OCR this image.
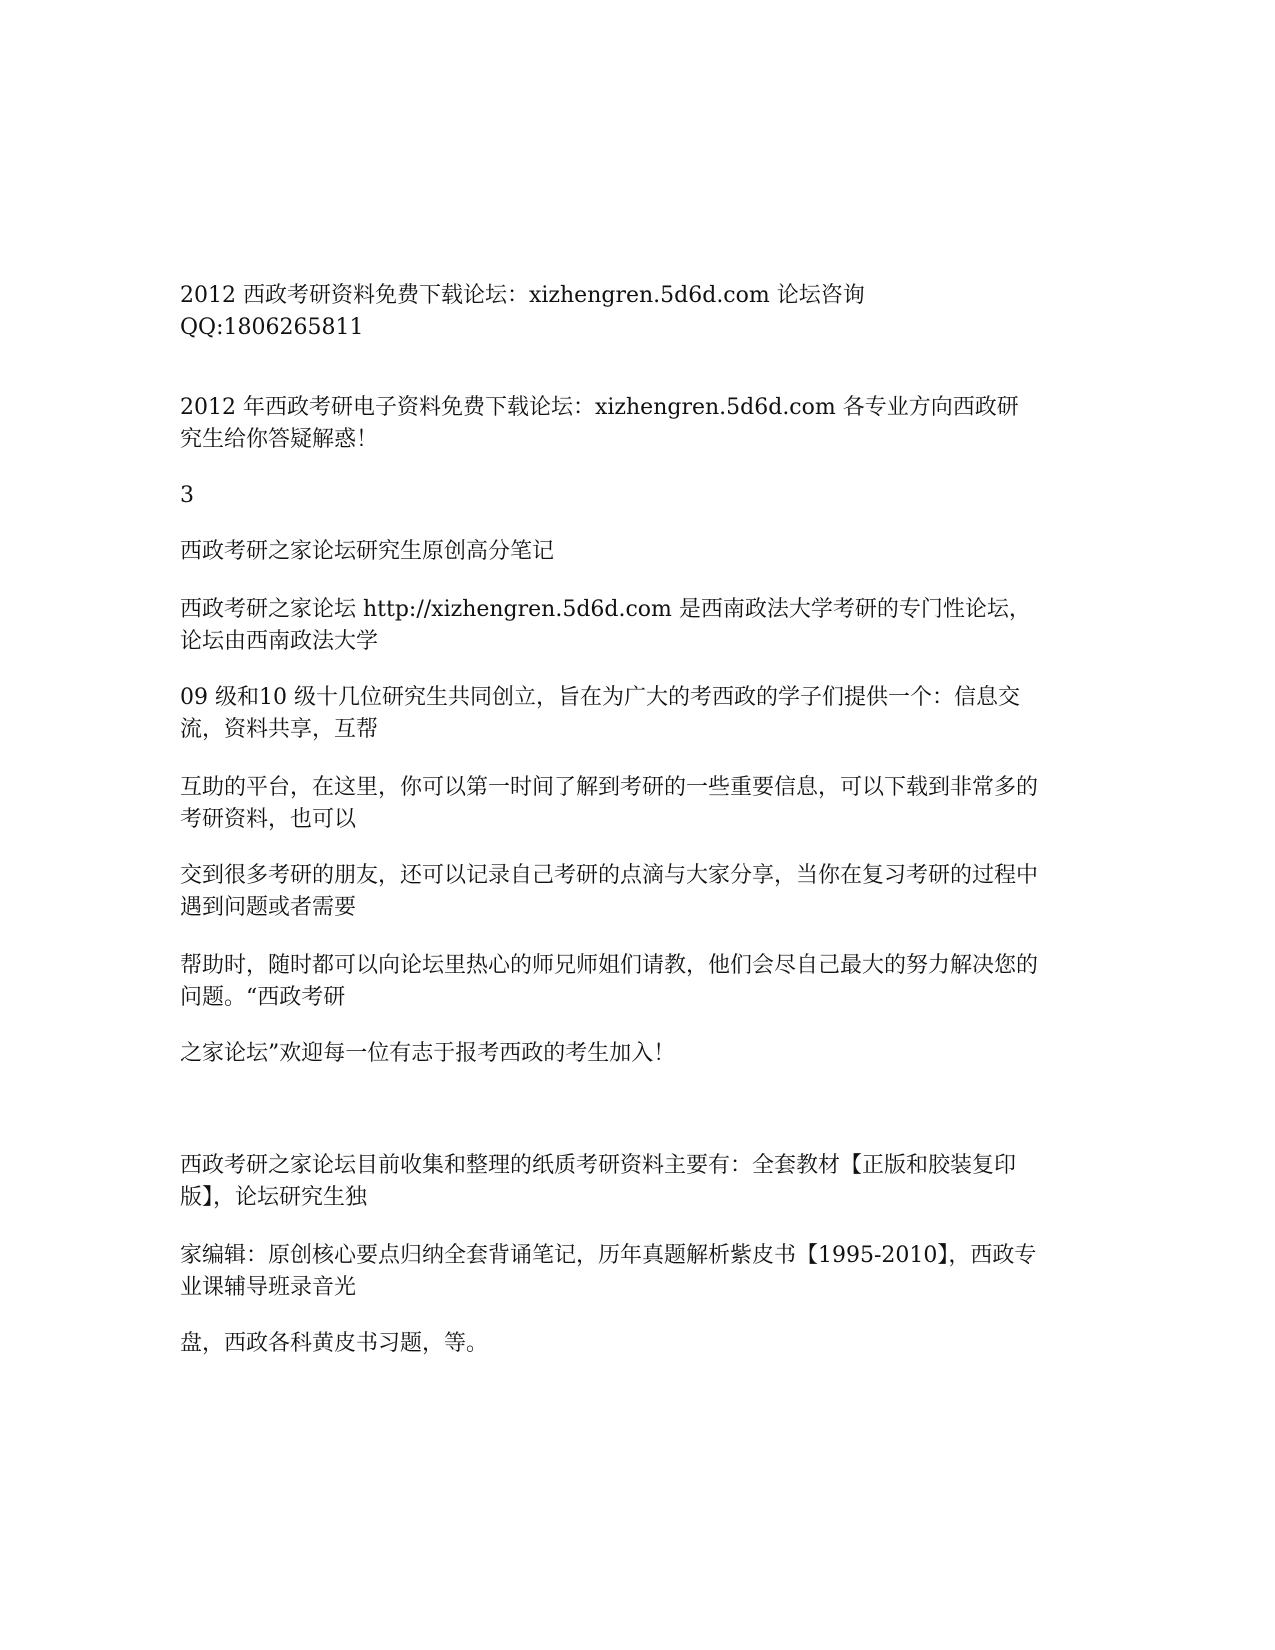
2012 西政考研资料免费下载论坛：xizhengren.5d6d.com 论坛咨询QQ:1806265811

2012 年西政考研电子资料免费下载论坛：xizhengren.5d6d.com 各专业方向西政研究生给你答疑解惑！

3

西政考研之家论坛研究生原创高分笔记

西政考研之家论坛 http://xizhengren.5d6d.com 是西南政法大学考研的专门性论坛，论坛由西南政法大学

09 级和10 级十几位研究生共同创立，旨在为广大的考西政的学子们提供一个：信息交流，资料共享，互帮

互助的平台，在这里，你可以第一时间了解到考研的一些重要信息，可以下载到非常多的考研资料，也可以

交到很多考研的朋友，还可以记录自己考研的点滴与大家分享，当你在复习考研的过程中遇到问题或者需要

帮助时，随时都可以向论坛里热心的师兄师姐们请教，他们会尽自己最大的努力解决您的问题。“西政考研

之家论坛”欢迎每一位有志于报考西政的考生加入！

西政考研之家论坛目前收集和整理的纸质考研资料主要有：全套教材【正版和胶装复印版】，论坛研究生独

家编辑：原创核心要点归纳全套背诵笔记，历年真题解析紫皮书【1995-2010】，西政专业课辅导班录音光

盘，西政各科黄皮书习题，等。
